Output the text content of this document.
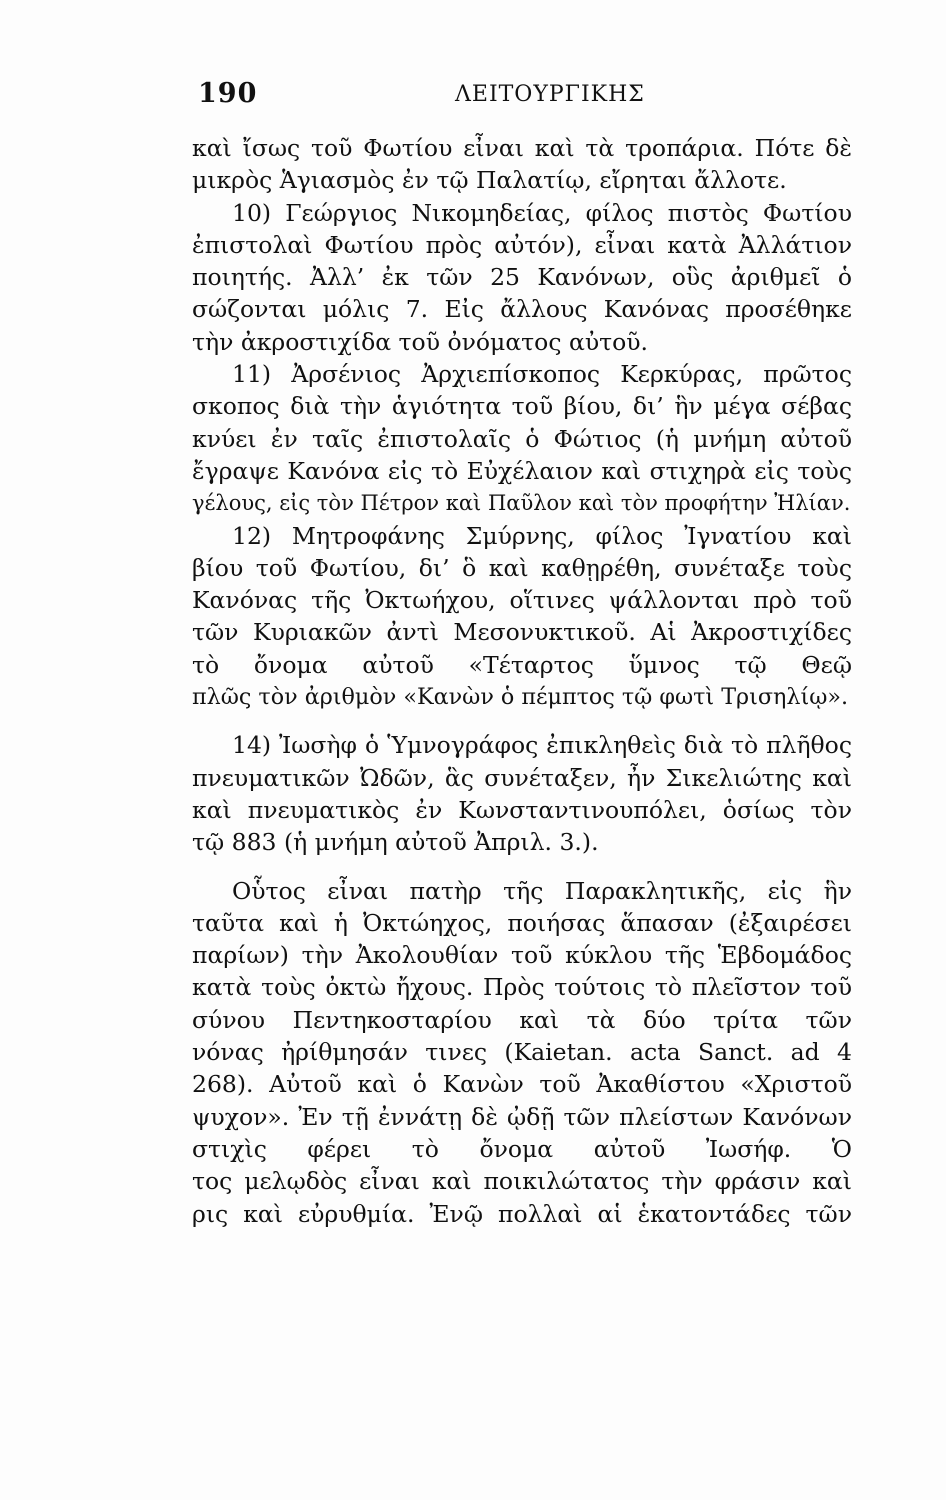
190	ΛΕΙΤΟΥΡΓΙΚΗΣ
καὶ ἴσως τοῦ Φωτίου εἶναι καὶ τὰ τροπάρια. Πότε δὲ
μικρὸς Ἁγιασμὸς ἐν τῷ Παλατίῳ, εἴρηται ἄλλοτε.
10) Γεώργιος Νικομηδείας, φίλος πιστὸς Φωτίου
ἐπιστολαὶ Φωτίου πρὸς αὐτόν), εἶναι κατὰ Ἀλλάτιον
ποιητής. Ἀλλ’ ἐκ τῶν 25 Κανόνων, οὓς ἀριθμεῖ ὁ
σώζονται μόλις 7. Εἰς ἄλλους Κανόνας προσέθηκε
τὴν ἀκροστιχίδα τοῦ ὀνόματος αὐτοῦ.
11) Ἀρσένιος Ἀρχιεπίσκοπος Κερκύρας, πρῶτος
σκοπος διὰ τὴν ἁγιότητα τοῦ βίου, δι’ ἣν μέγα σέβας
κνύει ἐν ταῖς ἐπιστολαῖς ὁ Φώτιος (ἡ μνήμη αὐτοῦ
ἔγραψε Κανόνα εἰς τὸ Εὐχέλαιον καὶ στιχηρὰ εἰς τοὺς
γέλους, εἰς τὸν Πέτρον καὶ Παῦλον καὶ τὸν προφήτην Ἠλίαν.
12) Μητροφάνης Σμύρνης, φίλος Ἰγνατίου καὶ
βίου τοῦ Φωτίου, δι’ ὃ καὶ καθῃρέθη, συνέταξε τοὺς
Κανόνας τῆς Ὀκτωήχου, οἵτινες ψάλλονται πρὸ τοῦ
τῶν Κυριακῶν ἀντὶ Μεσονυκτικοῦ. Αἱ Ἀκροστιχίδες
τὸ ὄνομα αὐτοῦ «Τέταρτος ὕμνος τῷ Θεῷ
πλῶς τὸν ἀριθμὸν «Κανὼν ὁ πέμπτος τῷ φωτὶ Τρισηλίῳ».
14) Ἰωσὴφ ὁ Ὑμνογράφος ἐπικληθεὶς διὰ τὸ πλῆθος
πνευματικῶν Ὠδῶν, ἃς συνέταξεν, ἦν Σικελιώτης καὶ
καὶ πνευματικὸς ἐν Κωνσταντινουπόλει, ὁσίως τὸν
τῷ 883 (ἡ μνήμη αὐτοῦ Ἀπριλ. 3.).
Οὗτος εἶναι πατὴρ τῆς Παρακλητικῆς, εἰς ἣν
ταῦτα καὶ ἡ Ὀκτώηχος, ποιήσας ἅπασαν (ἐξαιρέσει
παρίων) τὴν Ἀκολουθίαν τοῦ κύκλου τῆς Ἑβδομάδος
κατὰ τοὺς ὀκτὼ ἤχους. Πρὸς τούτοις τὸ πλεῖστον τοῦ
σύνου Πεντηκοσταρίου καὶ τὰ δύο τρίτα τῶν
νόνας ἠρίθμησάν τινες (Kaietan. acta Sanct. ad 4
268). Αὐτοῦ καὶ ὁ Κανὼν τοῦ Ἀκαθίστου «Χριστοῦ
ψυχον». Ἐν τῇ ἐννάτῃ δὲ ᾠδῇ τῶν πλείστων Κανόνων
στιχὶς φέρει τὸ ὄνομα αὐτοῦ Ἰωσήφ. Ὁ
τος μελῳδὸς εἶναι καὶ ποικιλώτατος τὴν φράσιν καὶ
ρις καὶ εὐρυθμία. Ἐνῷ πολλαὶ αἱ ἑκατοντάδες τῶν
